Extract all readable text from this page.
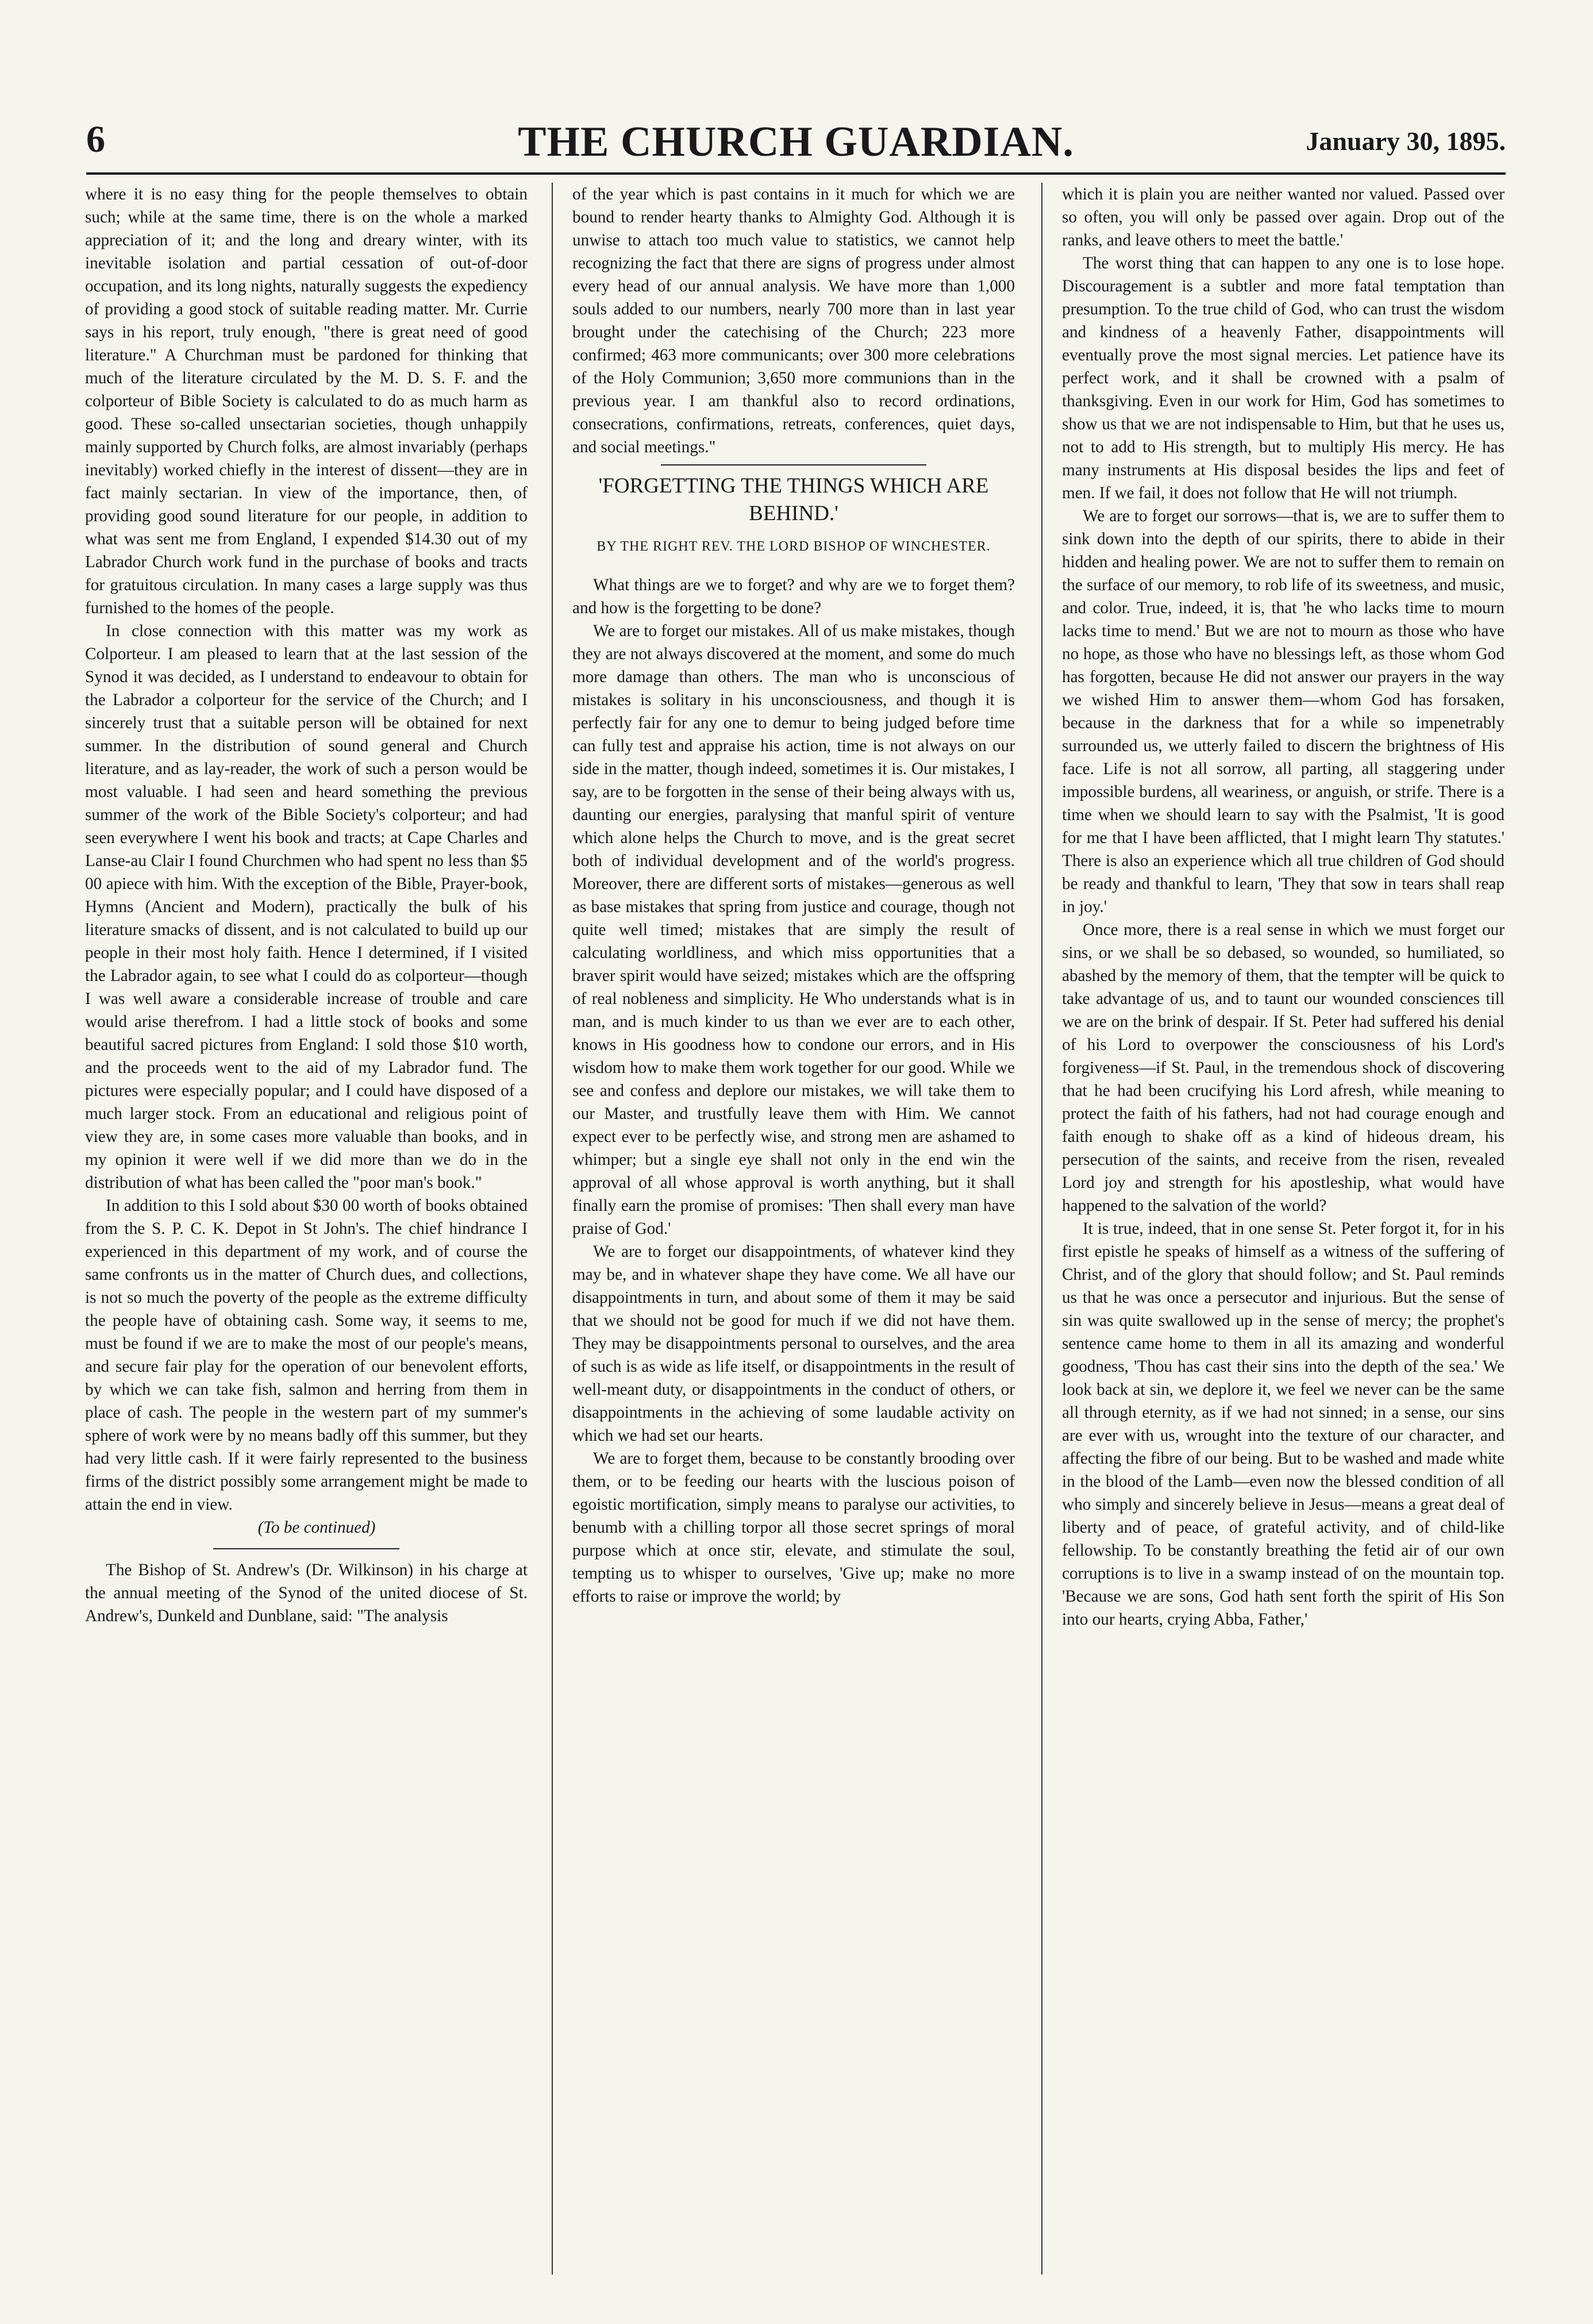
6	THE CHURCH GUARDIAN.	January 30, 1895.

where it is no easy thing for the people themselves to obtain such; while at the same time, there is on the whole a marked appreciation of it; and the long and dreary winter, with its inevitable isolation and partial cessation of out-of-door occupation, and its long nights, naturally suggests the expediency of providing a good stock of suitable reading matter. Mr. Currie says in his report, truly enough, "there is great need of good literature." A Churchman must be pardoned for thinking that much of the literature circulated by the M. D. S. F. and the colporteur of Bible Society is calculated to do as much harm as good. These so-called unsectarian societies, though unhappily mainly supported by Church folks, are almost invariably (perhaps inevitably) worked chiefly in the interest of dissent—they are in fact mainly sectarian. In view of the importance, then, of providing good sound literature for our people, in addition to what was sent me from England, I expended $14.30 out of my Labrador Church work fund in the purchase of books and tracts for gratuitous circulation. In many cases a large supply was thus furnished to the homes of the people.

In close connection with this matter was my work as Colporteur. I am pleased to learn that at the last session of the Synod it was decided, as I understand to endeavour to obtain for the Labrador a colporteur for the service of the Church; and I sincerely trust that a suitable person will be obtained for next summer. In the distribution of sound general and Church literature, and as lay-reader, the work of such a person would be most valuable. I had seen and heard something the previous summer of the work of the Bible Society's colporteur; and had seen everywhere I went his book and tracts; at Cape Charles and Lanse-au Clair I found Churchmen who had spent no less than $5 00 apiece with him. With the exception of the Bible, Prayer-book, Hymns (Ancient and Modern), practically the bulk of his literature smacks of dissent, and is not calculated to build up our people in their most holy faith. Hence I determined, if I visited the Labrador again, to see what I could do as colporteur—though I was well aware a considerable increase of trouble and care would arise therefrom. I had a little stock of books and some beautiful sacred pictures from England: I sold those $10 worth, and the proceeds went to the aid of my Labrador fund. The pictures were especially popular; and I could have disposed of a much larger stock. From an educational and religious point of view they are, in some cases more valuable than books, and in my opinion it were well if we did more than we do in the distribution of what has been called the "poor man's book."

In addition to this I sold about $30 00 worth of books obtained from the S. P. C. K. Depot in St John's. The chief hindrance I experienced in this department of my work, and of course the same confronts us in the matter of Church dues, and collections, is not so much the poverty of the people as the extreme difficulty the people have of obtaining cash. Some way, it seems to me, must be found if we are to make the most of our people's means, and secure fair play for the operation of our benevolent efforts, by which we can take fish, salmon and herring from them in place of cash. The people in the western part of my summer's sphere of work were by no means badly off this summer, but they had very little cash. If it were fairly represented to the business firms of the district possibly some arrangement might be made to attain the end in view.

(To be continued)

The Bishop of St. Andrew's (Dr. Wilkinson) in his charge at the annual meeting of the Synod of the united diocese of St. Andrew's, Dunkeld and Dunblane, said: "The analysis

of the year which is past contains in it much for which we are bound to render hearty thanks to Almighty God. Although it is unwise to attach too much value to statistics, we cannot help recognizing the fact that there are signs of progress under almost every head of our annual analysis. We have more than 1,000 souls added to our numbers, nearly 700 more than in last year brought under the catechising of the Church; 223 more confirmed; 463 more communicants; over 300 more celebrations of the Holy Communion; 3,650 more communions than in the previous year. I am thankful also to record ordinations, consecrations, confirmations, retreats, conferences, quiet days, and social meetings."

'FORGETTING THE THINGS WHICH ARE BEHIND.'
BY THE RIGHT REV. THE LORD BISHOP OF WINCHESTER.

What things are we to forget? and why are we to forget them? and how is the forgetting to be done?

We are to forget our mistakes. All of us make mistakes, though they are not always discovered at the moment, and some do much more damage than others. The man who is unconscious of mistakes is solitary in his unconsciousness, and though it is perfectly fair for any one to demur to being judged before time can fully test and appraise his action, time is not always on our side in the matter, though indeed, sometimes it is. Our mistakes, I say, are to be forgotten in the sense of their being always with us, daunting our energies, paralysing that manful spirit of venture which alone helps the Church to move, and is the great secret both of individual development and of the world's progress. Moreover, there are different sorts of mistakes—generous as well as base mistakes that spring from justice and courage, though not quite well timed; mistakes that are simply the result of calculating worldliness, and which miss opportunities that a braver spirit would have seized; mistakes which are the offspring of real nobleness and simplicity. He Who understands what is in man, and is much kinder to us than we ever are to each other, knows in His goodness how to condone our errors, and in His wisdom how to make them work together for our good. While we see and confess and deplore our mistakes, we will take them to our Master, and trustfully leave them with Him. We cannot expect ever to be perfectly wise, and strong men are ashamed to whimper; but a single eye shall not only in the end win the approval of all whose approval is worth anything, but it shall finally earn the promise of promises: 'Then shall every man have praise of God.'

We are to forget our disappointments, of whatever kind they may be, and in whatever shape they have come. We all have our disappointments in turn, and about some of them it may be said that we should not be good for much if we did not have them. They may be disappointments personal to ourselves, and the area of such is as wide as life itself, or disappointments in the result of well-meant duty, or disappointments in the conduct of others, or disappointments in the achieving of some laudable activity on which we had set our hearts.

We are to forget them, because to be constantly brooding over them, or to be feeding our hearts with the luscious poison of egoistic mortification, simply means to paralyse our activities, to benumb with a chilling torpor all those secret springs of moral purpose which at once stir, elevate, and stimulate the soul, tempting us to whisper to ourselves, 'Give up; make no more efforts to raise or improve the world; by

which it is plain you are neither wanted nor valued. Passed over so often, you will only be passed over again. Drop out of the ranks, and leave others to meet the battle.'

The worst thing that can happen to any one is to lose hope. Discouragement is a subtler and more fatal temptation than presumption. To the true child of God, who can trust the wisdom and kindness of a heavenly Father, disappointments will eventually prove the most signal mercies. Let patience have its perfect work, and it shall be crowned with a psalm of thanksgiving. Even in our work for Him, God has sometimes to show us that we are not indispensable to Him, but that he uses us, not to add to His strength, but to multiply His mercy. He has many instruments at His disposal besides the lips and feet of men. If we fail, it does not follow that He will not triumph.

We are to forget our sorrows—that is, we are to suffer them to sink down into the depth of our spirits, there to abide in their hidden and healing power. We are not to suffer them to remain on the surface of our memory, to rob life of its sweetness, and music, and color. True, indeed, it is, that 'he who lacks time to mourn lacks time to mend.' But we are not to mourn as those who have no hope, as those who have no blessings left, as those whom God has forgotten, because He did not answer our prayers in the way we wished Him to answer them—whom God has forsaken, because in the darkness that for a while so impenetrably surrounded us, we utterly failed to discern the brightness of His face. Life is not all sorrow, all parting, all staggering under impossible burdens, all weariness, or anguish, or strife. There is a time when we should learn to say with the Psalmist, 'It is good for me that I have been afflicted, that I might learn Thy statutes.' There is also an experience which all true children of God should be ready and thankful to learn, 'They that sow in tears shall reap in joy.'

Once more, there is a real sense in which we must forget our sins, or we shall be so debased, so wounded, so humiliated, so abashed by the memory of them, that the tempter will be quick to take advantage of us, and to taunt our wounded consciences till we are on the brink of despair. If St. Peter had suffered his denial of his Lord to overpower the consciousness of his Lord's forgiveness—if St. Paul, in the tremendous shock of discovering that he had been crucifying his Lord afresh, while meaning to protect the faith of his fathers, had not had courage enough and faith enough to shake off as a kind of hideous dream, his persecution of the saints, and receive from the risen, revealed Lord joy and strength for his apostleship, what would have happened to the salvation of the world?

It is true, indeed, that in one sense St. Peter forgot it, for in his first epistle he speaks of himself as a witness of the suffering of Christ, and of the glory that should follow; and St. Paul reminds us that he was once a persecutor and injurious. But the sense of sin was quite swallowed up in the sense of mercy; the prophet's sentence came home to them in all its amazing and wonderful goodness, 'Thou has cast their sins into the depth of the sea.' We look back at sin, we deplore it, we feel we never can be the same all through eternity, as if we had not sinned; in a sense, our sins are ever with us, wrought into the texture of our character, and affecting the fibre of our being. But to be washed and made white in the blood of the Lamb—even now the blessed condition of all who simply and sincerely believe in Jesus—means a great deal of liberty and of peace, of grateful activity, and of child-like fellowship. To be constantly breathing the fetid air of our own corruptions is to live in a swamp instead of on the mountain top. 'Because we are sons, God hath sent forth the spirit of His Son into our hearts, crying Abba, Father,'
